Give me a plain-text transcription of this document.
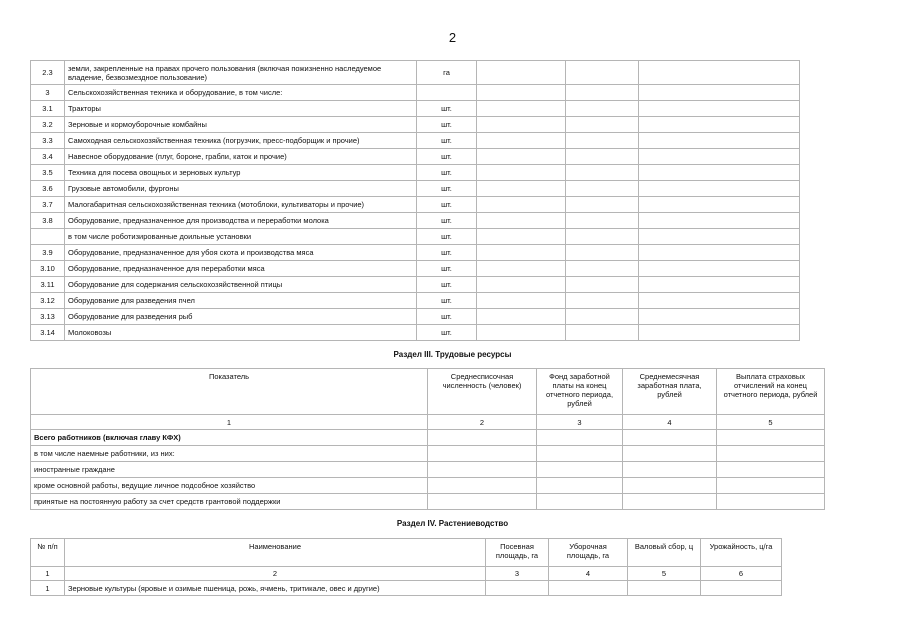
2
2.3	земли, закрепленные на правах прочего пользования (включая пожизненно наследуемое владение, безвозмездное пользование)	га			
3	Сельскохозяйственная техника и оборудование, в том числе:				
3.1	Тракторы	шт.			
3.2	Зерновые и кормоуборочные комбайны	шт.			
3.3	Самоходная сельскохозяйственная техника (погрузчик, пресс-подборщик и прочие)	шт.			
3.4	Навесное оборудование (плуг, бороне, грабли, каток и прочие)	шт.			
3.5	Техника для посева овощных и зерновых культур	шт.			
3.6	Грузовые автомобили, фургоны	шт.			
3.7	Малогабаритная сельскохозяйственная техника (мотоблоки, культиваторы и прочие)	шт.			
3.8	Оборудование, предназначенное для производства и переработки молока	шт.			
	в том числе роботизированные доильные установки	шт.			
3.9	Оборудование, предназначенное для убоя скота и производства мяса	шт.			
3.10	Оборудование, предназначенное для переработки мяса	шт.			
3.11	Оборудование для содержания сельскохозяйственной птицы	шт.			
3.12	Оборудование для разведения пчел	шт.			
3.13	Оборудование для разведения рыб	шт.			
3.14	Молоковозы	шт.			
Раздел III. Трудовые ресурсы
Показатель	Среднесписочная численность (человек)	Фонд заработной платы на конец отчетного периода, рублей	Среднемесячная заработная плата, рублей	Выплата страховых отчислений на конец отчетного периода, рублей
1	2	3	4	5
Всего работников (включая главу КФХ)				
в том числе наемные работники, из них:				
иностранные граждане				
кроме основной работы, ведущие личное подсобное хозяйство				
принятые на постоянную работу за счет средств грантовой поддержки				
Раздел IV. Растениеводство
№ п/п	Наименование	Посевная площадь, га	Уборочная площадь, га	Валовый сбор, ц	Урожайность, ц/га
1	2	3	4	5	6
1	Зерновые культуры (яровые и озимые пшеница, рожь, ячмень, тритикале, овес и другие)				
